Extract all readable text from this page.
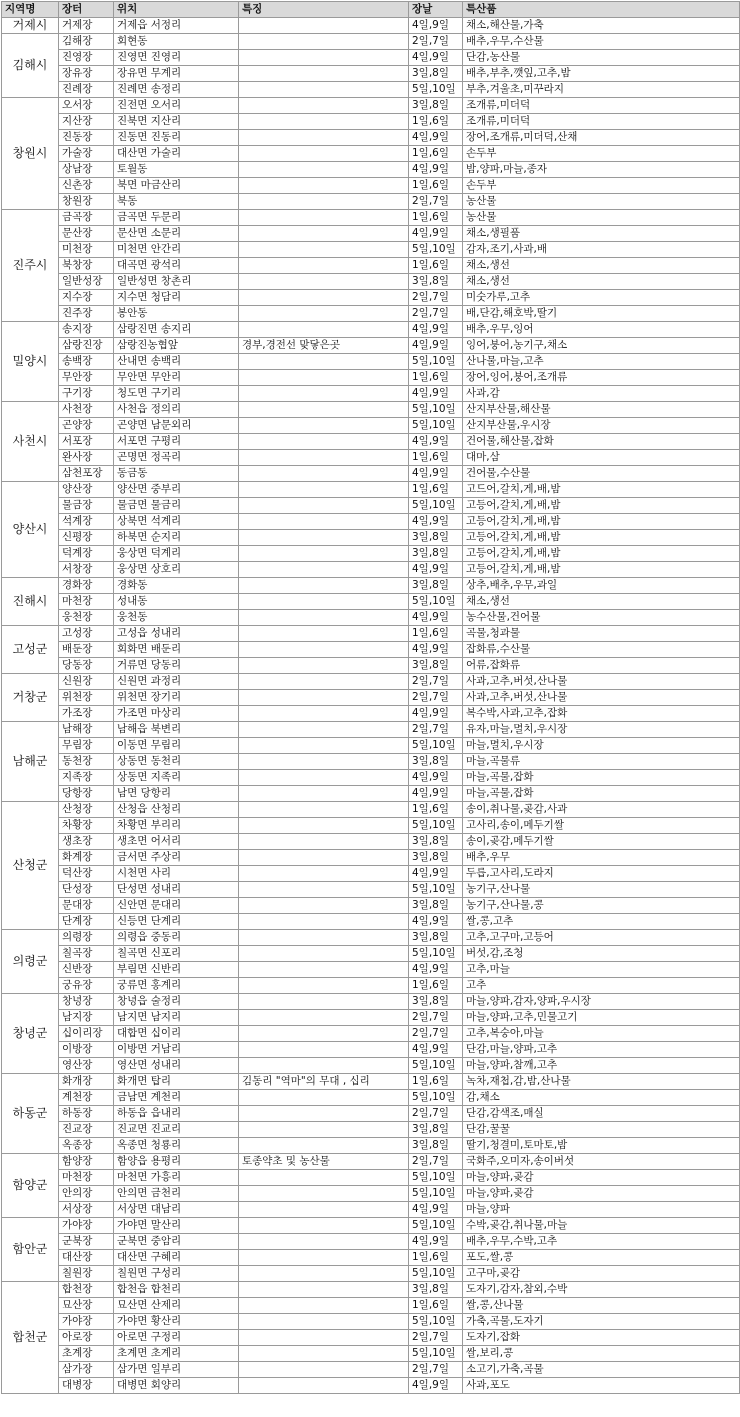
지역명	장터	위치	특징	장날	특산품
거제시	거제장	거제읍 서정리		4일,9일	채소,해산물,가축
김해시	김해장	회현동		2일,7일	배추,우무,수산물
	진영장	진영면 진영리		4일,9일	단감,농산물
	장유장	장유면 무계리		3일,8일	배추,부추,깻잎,고추,밤
	진례장	진례면 송정리		5일,10일	부추,겨울초,미꾸라지
창원시	오서장	진전면 오서리		3일,8일	조개류,미더덕
	지산장	진북면 지산리		1일,6일	조개류,미더덕
	진동장	진동면 진동리		4일,9일	장어,조개류,미더덕,산채
	가술장	대산면 가술리		1일,6일	손두부
	상남장	토월동		4일,9일	밤,양파,마늘,종자
	신촌장	북면 마금산리		1일,6일	손두부
	창원장	북동		2일,7일	농산물
진주시	금곡장	금곡면 두문리		1일,6일	농산물
	문산장	문산면 소문리		4일,9일	채소,생필품
	미천장	미천면 안간리		5일,10일	감자,조기,사과,배
	북창장	대곡면 광석리		1일,6일	채소,생선
	일반성장	일반성면 창촌리		3일,8일	채소,생선
	지수장	지수면 청담리		2일,7일	미숫가루,고추
	진주장	봉안동		2일,7일	배,단감,해호박,딸기
밀양시	송지장	삼랑진면 송지리		4일,9일	배추,우무,잉어
	삼랑진장	삼랑진농협앞	경부,경전선 맞닿은곳	4일,9일	잉어,붕어,농기구,채소
	송백장	산내면 송백리		5일,10일	산나물,마늘,고추
	무안장	무안면 무안리		1일,6일	장어,잉어,붕어,조개류
	구기장	청도면 구기리		4일,9일	사과,감
사천시	사천장	사천읍 정의리		5일,10일	산지부산물,해산물
	곤양장	곤양면 남문외리		5일,10일	산지부산물,우시장
	서포장	서포면 구평리		4일,9일	건어물,해산물,잡화
	완사장	곤명면 정곡리		1일,6일	대마,삼
	삼천포장	동금동		4일,9일	건어물,수산물
양산시	양산장	양산면 중부리		1일,6일	고드어,갈치,게,배,밤
	물금장	물금면 물금리		5일,10일	고등어,갈치,게,배,밤
	석계장	상북면 석계리		4일,9일	고등어,갈치,게,배,밤
	신평장	하북면 순지리		3일,8일	고등어,갈치,게,배,밤
	덕계장	웅상면 덕계리		3일,8일	고등어,갈치,게,배,밤
	서창장	웅상면 상호리		4일,9일	고등어,갈치,게,배,밤
진해시	경화장	경화동		3일,8일	상추,배추,우무,과일
	마천장	성내동		5일,10일	채소,생선
	웅천장	웅천동		4일,9일	농수산물,건어물
고성군	고성장	고성읍 성내리		1일,6일	곡물,청과물
	배둔장	회화면 배둔리		4일,9일	잡화류,수산물
	당동장	거류면 당동리		3일,8일	어류,잡화류
거창군	신원장	신원면 과정리		2일,7일	사과,고추,버섯,산나물
	위천장	위천면 장기리		2일,7일	사과,고추,버섯,산나물
	가조장	가조면 마상리		4일,9일	복수박,사과,고추,잡화
남해군	남해장	남해읍 북변리		2일,7일	유자,마늘,멸치,우시장
	무림장	이동면 무림리		5일,10일	마늘,멸치,우시장
	동천장	상동면 동천리		3일,8일	마늘,곡물류
	지족장	상동면 지족리		4일,9일	마늘,곡물,잡화
	당항장	남면 당항리		4일,9일	마늘,곡물,잡화
산청군	산청장	산청읍 산청리		1일,6일	송이,취나물,곶감,사과
	차황장	차황면 부리리		5일,10일	고사리,송이,메두기쌀
	생초장	생초면 어서리		3일,8일	송이,곶감,메두기쌀
	화계장	금서면 주상리		3일,8일	배추,우무
	덕산장	시천면 사리		4일,9일	두릅,고사리,도라지
	단성장	단성면 성내리		5일,10일	농기구,산나물
	문대장	신안면 문대리		3일,8일	농기구,산나물,콩
	단계장	신등면 단계리		4일,9일	쌀,콩,고추
의령군	의령장	의령읍 중동리		3일,8일	고추,고구마,고등어
	칠곡장	칠곡면 신포리		5일,10일	버섯,감,조청
	신반장	부림면 신반리		4일,9일	고추,마늘
	궁유장	궁류면 홍계리		1일,6일	고추
창녕군	창녕장	창녕읍 술정리		3일,8일	마늘,양파,감자,양파,우시장
	남지장	남지면 남지리		2일,7일	마늘,양파,고추,민물고기
	십이리장	대합면 십이리		2일,7일	고추,복숭아,마늘
	이방장	이방면 거남리		4일,9일	단감,마늘,양파,고추
	영산장	영산면 성내리		5일,10일	마늘,양파,참깨,고추
하동군	화개장	화개면 탑리	김동리 "역마"의 무대 , 십리	1일,6일	녹차,재첩,감,밤,산나물
	계천장	금남면 계천리		5일,10일	감,채소
	하동장	하동읍 읍내리		2일,7일	단감,감색조,매실
	진교장	진교면 진교리		3일,8일	단감,꿀꿀
	옥종장	옥종면 청룡리		3일,8일	딸기,청결미,토마토,밤
함양군	함양장	함양읍 용평리	토종약초 및 농산물	2일,7일	국화주,오미자,송이버섯
	마천장	마천면 가흥리		5일,10일	마늘,양파,곶감
	안의장	안의면 금천리		5일,10일	마늘,양파,곶감
	서상장	서상면 대남리		4일,9일	마늘,양파
함안군	가야장	가야면 말산리		5일,10일	수박,곶감,취나물,마늘
	군북장	군북면 중암리		4일,9일	배추,우무,수박,고추
	대산장	대산면 구혜리		1일,6일	포도,쌀,콩
	칠원장	칠원면 구성리		5일,10일	고구마,곶감
합천군	합천장	합천읍 합천리		3일,8일	도자기,감자,참외,수박
	묘산장	묘산면 산제리		1일,6일	쌀,콩,산나물
	가야장	가야면 황산리		5일,10일	가축,곡물,도자기
	아로장	아로면 구정리		2일,7일	도자기,잡화
	초계장	초계면 초계리		5일,10일	쌀,보리,콩
	삼가장	삼가면 일부리		2일,7일	소고기,가축,곡물
	대병장	대병면 회양리		4일,9일	사과,포도
